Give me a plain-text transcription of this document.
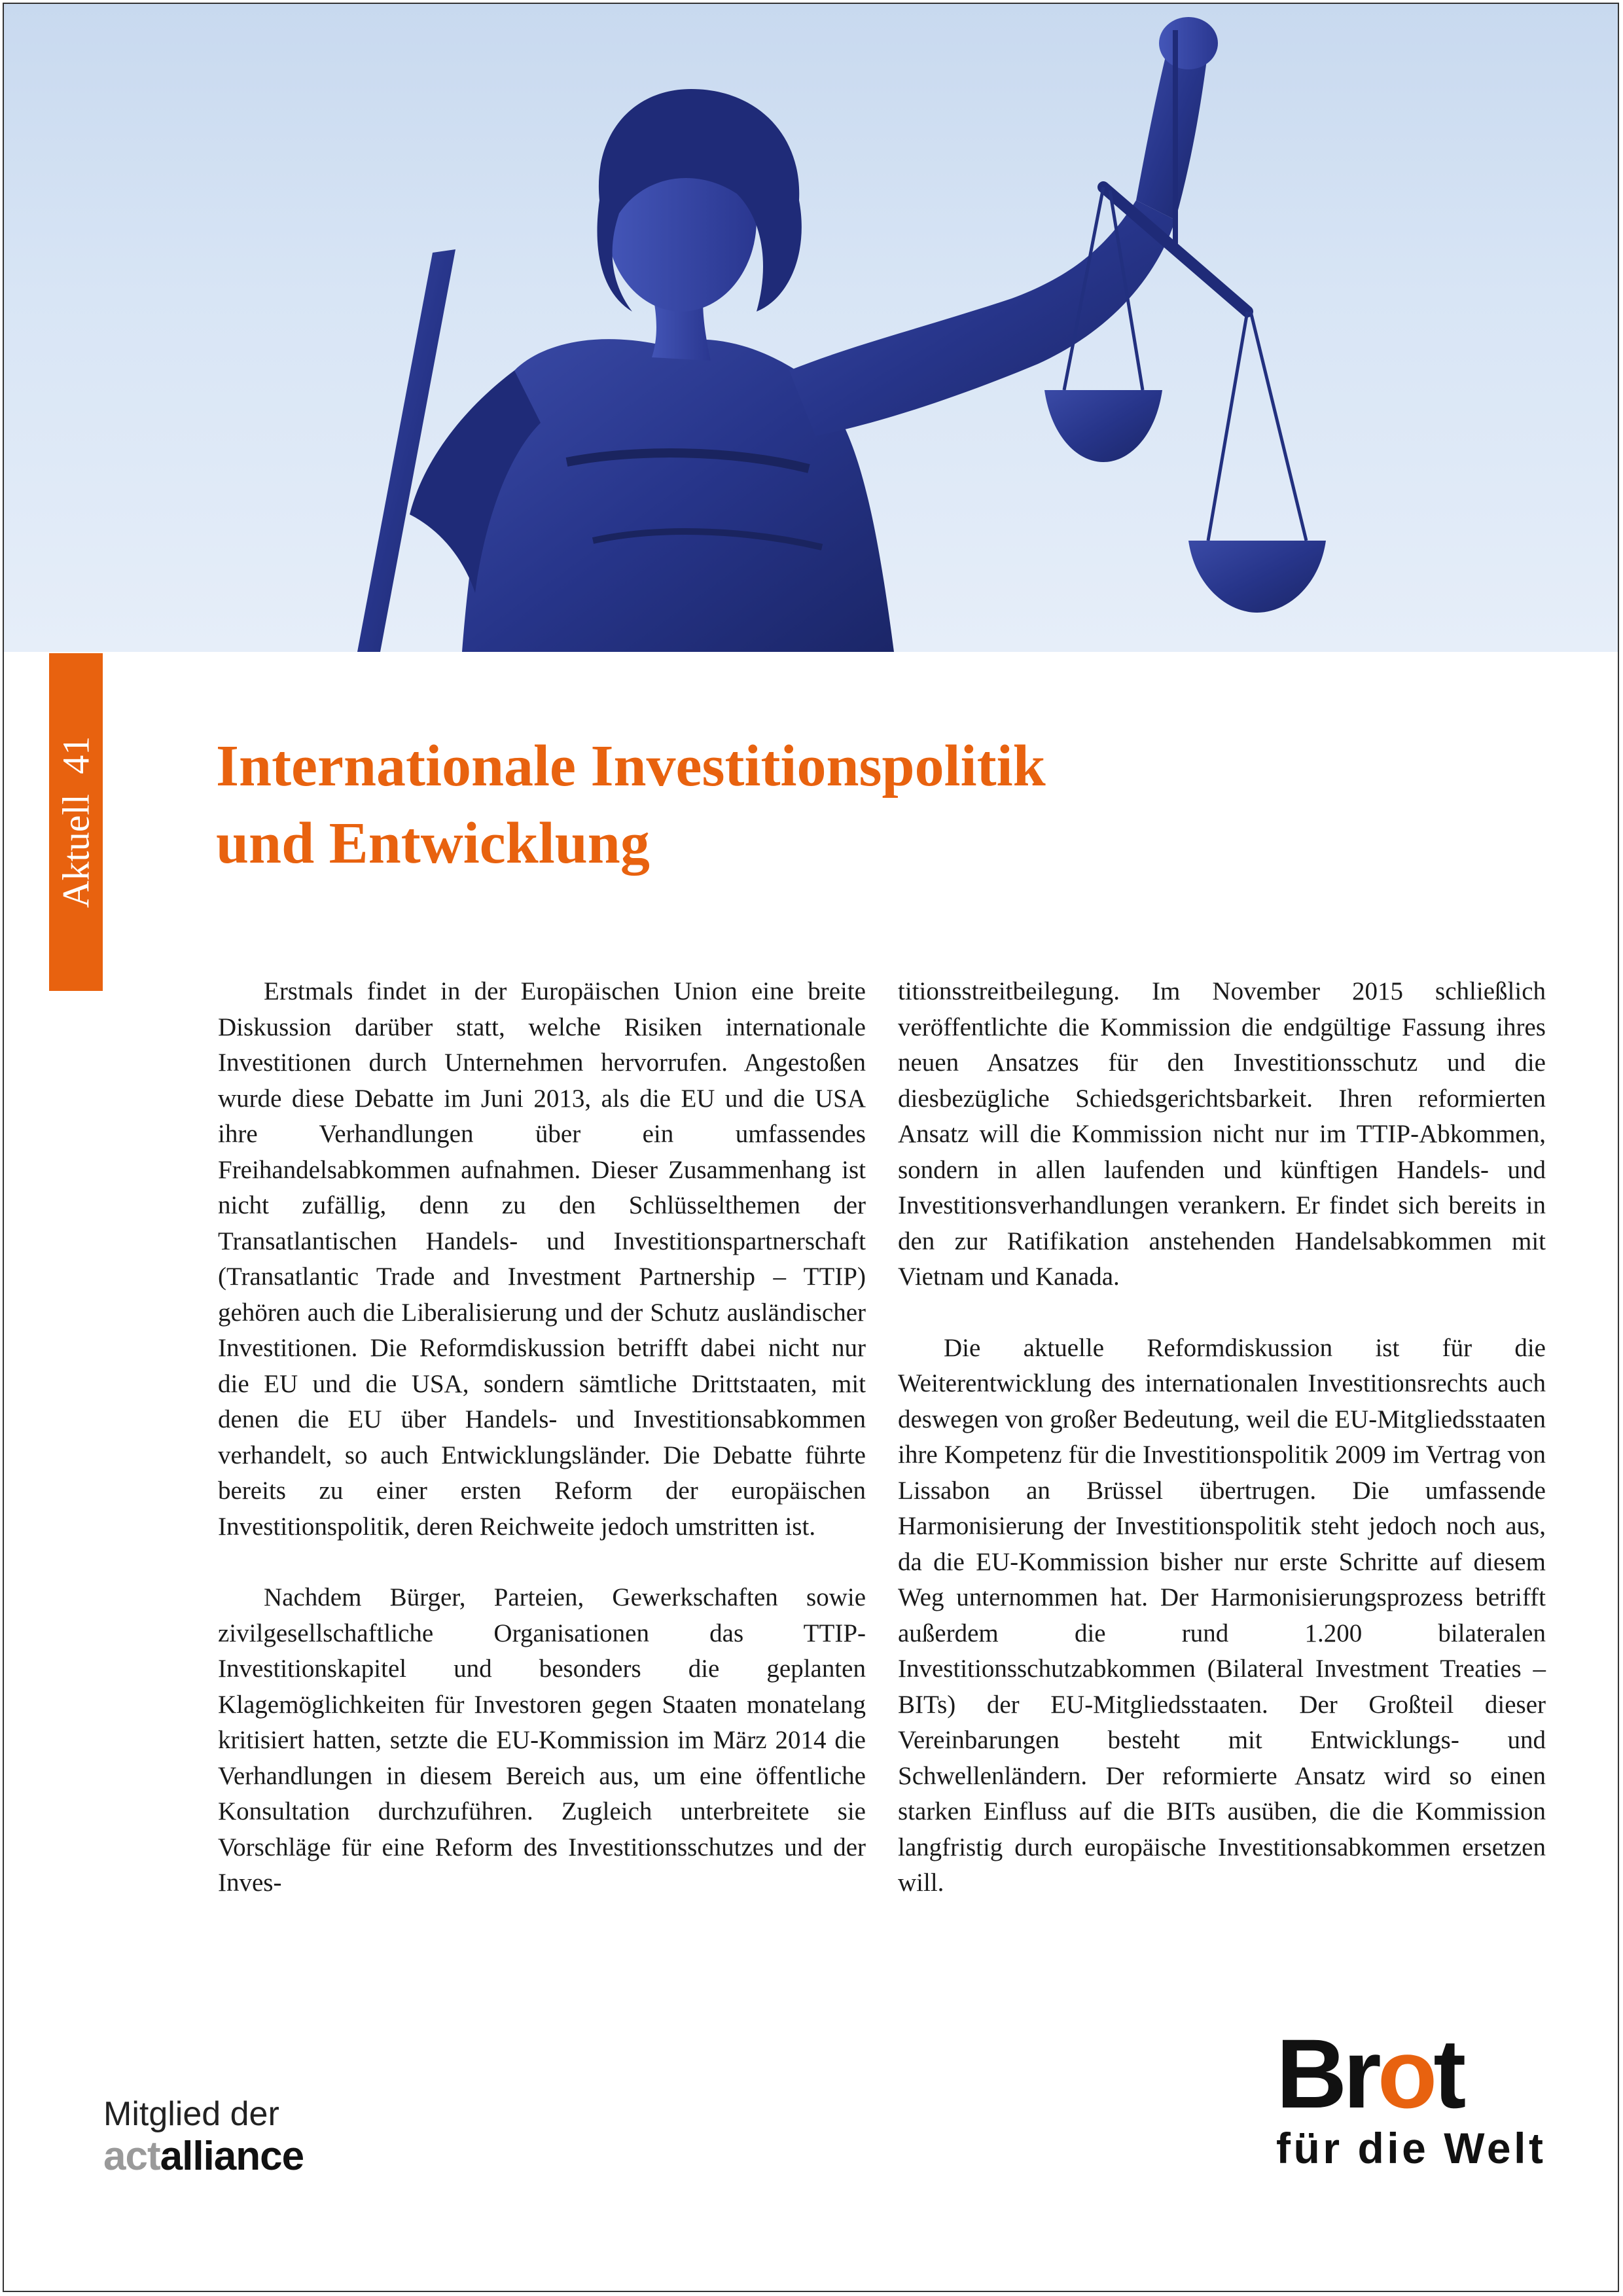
Aktuell 41 Internationale Investitionspolitik
und Entwicklung

Erstmals findet in der Europäischen Union eine breite Diskussion darüber statt, welche Risiken internationale Investitionen durch Unternehmen hervorrufen. Angestoßen wurde diese Debatte im Juni 2013, als die EU und die USA ihre Verhandlungen über ein umfassendes Freihandelsabkommen aufnahmen. Dieser Zusammenhang ist nicht zufällig, denn zu den Schlüsselthemen der Transatlantischen Handels- und Investitionspartnerschaft (Transatlantic Trade and Investment Partnership – TTIP) gehören auch die Liberalisierung und der Schutz ausländischer Investitionen. Die Reformdiskussion betrifft dabei nicht nur die EU und die USA, sondern sämtliche Drittstaaten, mit denen die EU über Handels- und Investitionsabkommen verhandelt, so auch Entwicklungsländer. Die Debatte führte bereits zu einer ersten Reform der europäischen Investitionspolitik, deren Reichweite jedoch umstritten ist.

Nachdem Bürger, Parteien, Gewerkschaften sowie zivilgesellschaftliche Organisationen das TTIP-Investitionskapitel und besonders die geplanten Klagemöglichkeiten für Investoren gegen Staaten monatelang kritisiert hatten, setzte die EU-Kommission im März 2014 die Verhandlungen in diesem Bereich aus, um eine öffentliche Konsultation durchzuführen. Zugleich unterbreitete sie Vorschläge für eine Reform des Investitionsschutzes und der Inves-

titionsstreitbeilegung. Im November 2015 schließlich veröffentlichte die Kommission die endgültige Fassung ihres neuen Ansatzes für den Investitionsschutz und die diesbezügliche Schiedsgerichtsbarkeit. Ihren reformierten Ansatz will die Kommission nicht nur im TTIP-Abkommen, sondern in allen laufenden und künftigen Handels- und Investitionsverhandlungen verankern. Er findet sich bereits in den zur Ratifikation anstehenden Handelsabkommen mit Vietnam und Kanada.

Die aktuelle Reformdiskussion ist für die Weiterentwicklung des internationalen Investitionsrechts auch deswegen von großer Bedeutung, weil die EU-Mitgliedsstaaten ihre Kompetenz für die Investitionspolitik 2009 im Vertrag von Lissabon an Brüssel übertrugen. Die umfassende Harmonisierung der Investitionspolitik steht jedoch noch aus, da die EU-Kommission bisher nur erste Schritte auf diesem Weg unternommen hat. Der Harmonisierungsprozess betrifft außerdem die rund 1.200 bilateralen Investitionsschutzabkommen (Bilateral Investment Treaties – BITs) der EU-Mitgliedsstaaten. Der Großteil dieser Vereinbarungen besteht mit Entwicklungs- und Schwellenländern. Der reformierte Ansatz wird so einen starken Einfluss auf die BITs ausüben, die die Kommission langfristig durch europäische Investitionsabkommen ersetzen will.

Mitglied der
actalliance
Brot
für die Welt
